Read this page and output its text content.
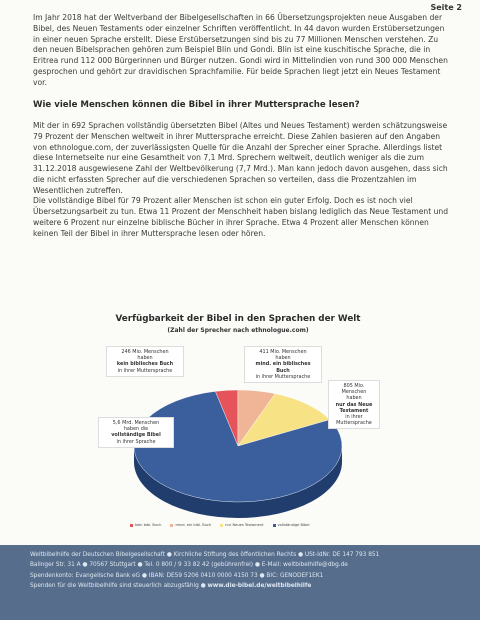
Seite 2

Im Jahr 2018 hat der Weltverband der Bibelgesellschaften in 66 Übersetzungsprojekten neue Ausgaben der Bibel, des Neuen Testaments oder einzelner Schriften veröffentlicht. In 44 davon wurden Erstübersetzungen in einer neuen Sprache erstellt. Diese Erstübersetzungen sind bis zu 77 Millionen Menschen verstehen. Zu den neuen Bibelsprachen gehören zum Beispiel Blin und Gondi. Blin ist eine kuschitische Sprache, die in Eritrea rund 112 000 Bürgerinnen und Bürger nutzen. Gondi wird in Mittelindien von rund 300 000 Menschen gesprochen und gehört zur dravidischen Sprachfamilie. Für beide Sprachen liegt jetzt ein Neues Testament vor.

Wie viele Menschen können die Bibel in ihrer Muttersprache lesen?

Mit der in 692 Sprachen vollständig übersetzten Bibel (Altes und Neues Testament) werden schätzungsweise 79 Prozent der Menschen weltweit in ihrer Muttersprache erreicht. Diese Zahlen basieren auf den Angaben von ethnologue.com, der zuverlässigsten Quelle für die Anzahl der Sprecher einer Sprache. Allerdings listet diese Internetseite nur eine Gesamtheit von 7,1 Mrd. Sprechern weltweit, deutlich weniger als die zum 31.12.2018 ausgewiesene Zahl der Weltbevölkerung (7,7 Mrd.). Man kann jedoch davon ausgehen, dass sich die nicht erfassten Sprecher auf die verschiedenen Sprachen so verteilen, dass die Prozentzahlen im Wesentlichen zutreffen.

Die vollständige Bibel für 79 Prozent aller Menschen ist schon ein guter Erfolg. Doch es ist noch viel Übersetzungsarbeit zu tun. Etwa 11 Prozent der Menschheit haben bislang lediglich das Neue Testament und weitere 6 Prozent nur einzelne biblische Bücher in ihrer Sprache. Etwa 4 Prozent aller Menschen können keinen Teil der Bibel in ihrer Muttersprache lesen oder hören.

Verfügbarkeit der Bibel in den Sprachen der Welt
(Zahl der Sprecher nach ethnologue.com)
246 Mio. Menschen
haben
kein biblisches Buch
in ihrer Muttersprache
411 Mio. Menschen
haben
mind. ein biblisches Buch
in ihrer Muttersprache
805 Mio. Menschen
haben
nur das Neue Testament
in ihrer Muttersprache
5,6 Mrd. Menschen
haben die
vollständige Bibel
in ihrer Sprache
kein bibl. Buch	mind. ein bibl. Buch	nur Neues Testament	vollständige Bibel
Weltbibelhilfe der Deutschen Bibelgesellschaft ● Kirchliche Stiftung des öffentlichen Rechts ● USt-IdNr. DE 147 793 851
Balinger Str. 31 A ● 70567 Stuttgart ● Tel. 0 800 / 9 33 82 42 (gebührenfrei) ● E-Mail: weltbibelhilfe@dbg.de
Spendenkonto: Evangelische Bank eG ● IBAN: DE59 5206 0410 0000 4150 73 ● BIC: GENODEF1EK1
Spenden für die Weltbibelhilfe sind steuerlich abzugsfähig ● www.die-bibel.de/weltbibelhilfe
